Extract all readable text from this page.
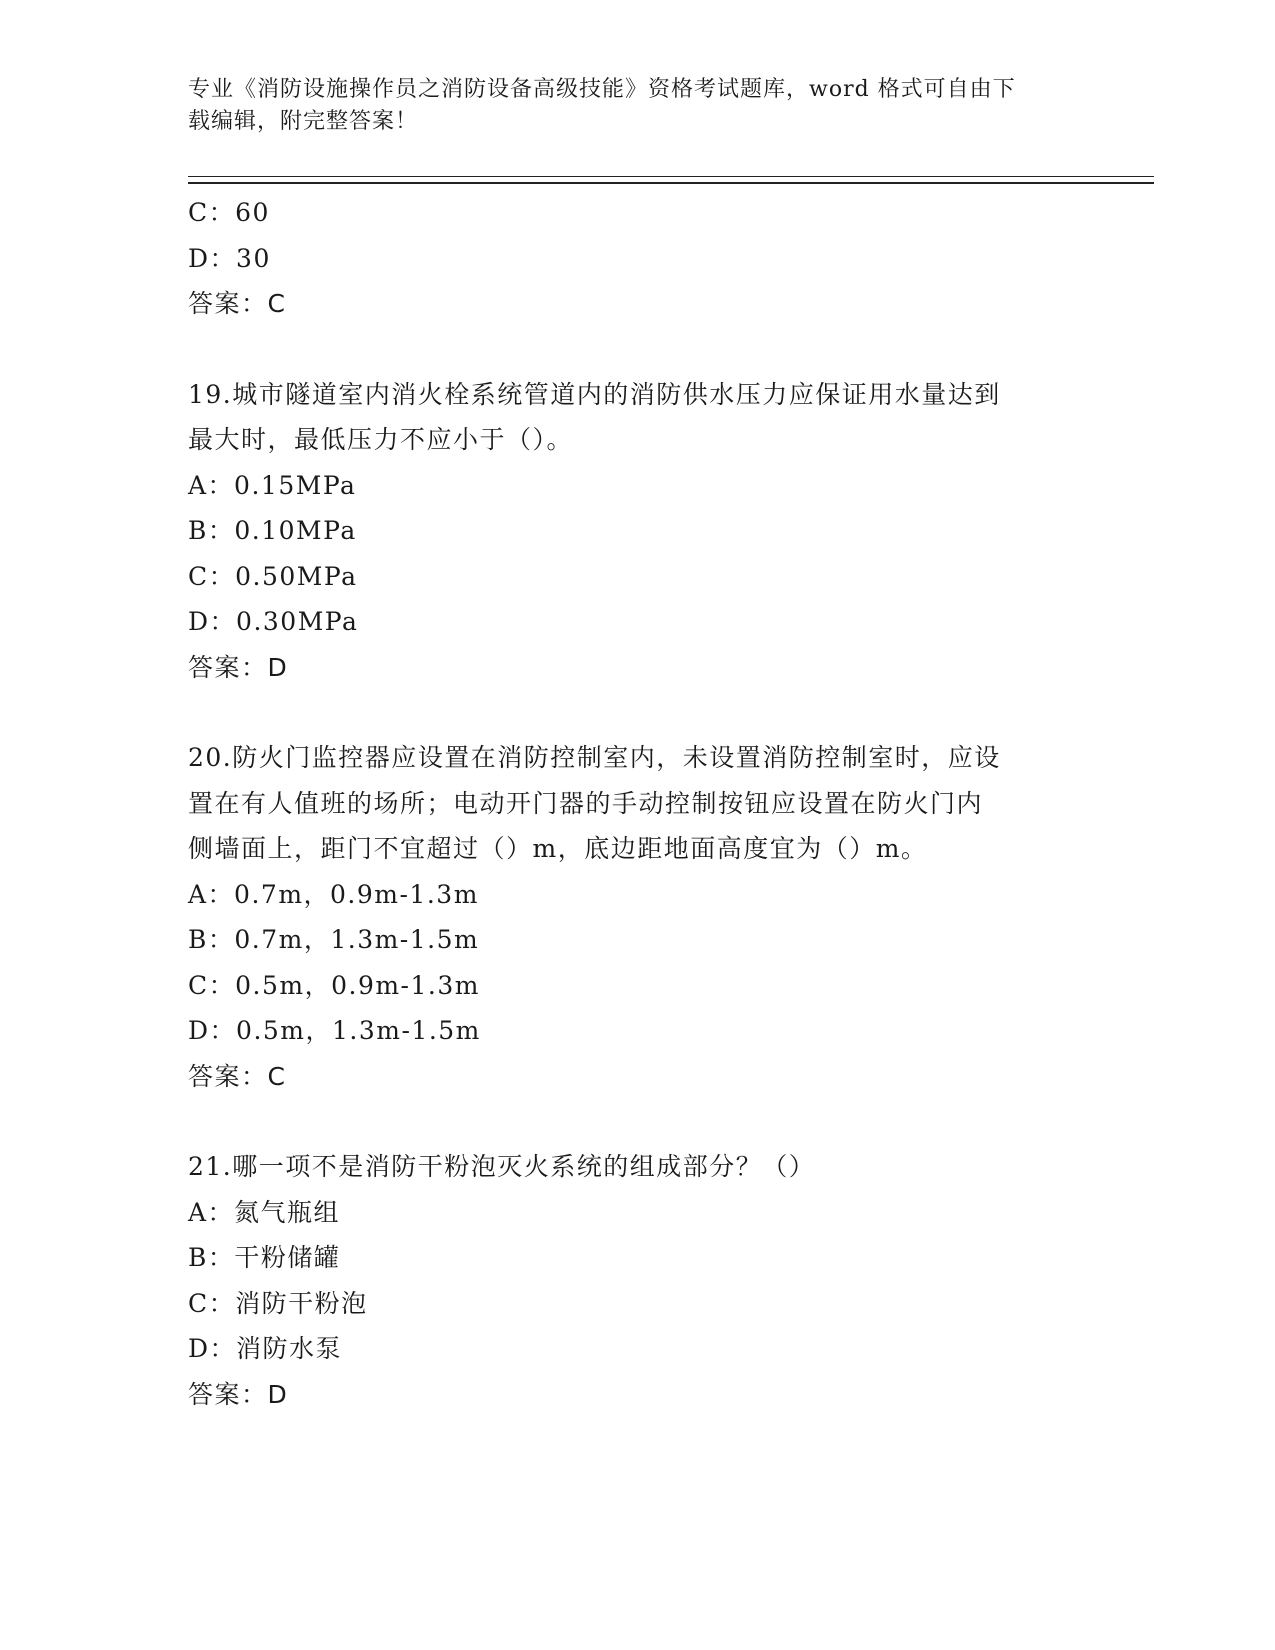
专业《消防设施操作员之消防设备高级技能》资格考试题库，word 格式可自由下
载编辑，附完整答案！
C：60
D：30
答案：C
19.城市隧道室内消火栓系统管道内的消防供水压力应保证用水量达到
最大时，最低压力不应小于（）。
A：0.15MPa
B：0.10MPa
C：0.50MPa
D：0.30MPa
答案：D
20.防火门监控器应设置在消防控制室内，未设置消防控制室时，应设
置在有人值班的场所；电动开门器的手动控制按钮应设置在防火门内
侧墙面上，距门不宜超过（）m，底边距地面高度宜为（）m。
A：0.7m，0.9m-1.3m
B：0.7m，1.3m-1.5m
C：0.5m，0.9m-1.3m
D：0.5m，1.3m-1.5m
答案：C
21.哪一项不是消防干粉泡灭火系统的组成部分？（）
A：氮气瓶组
B：干粉储罐
C：消防干粉泡
D：消防水泵
答案：D
